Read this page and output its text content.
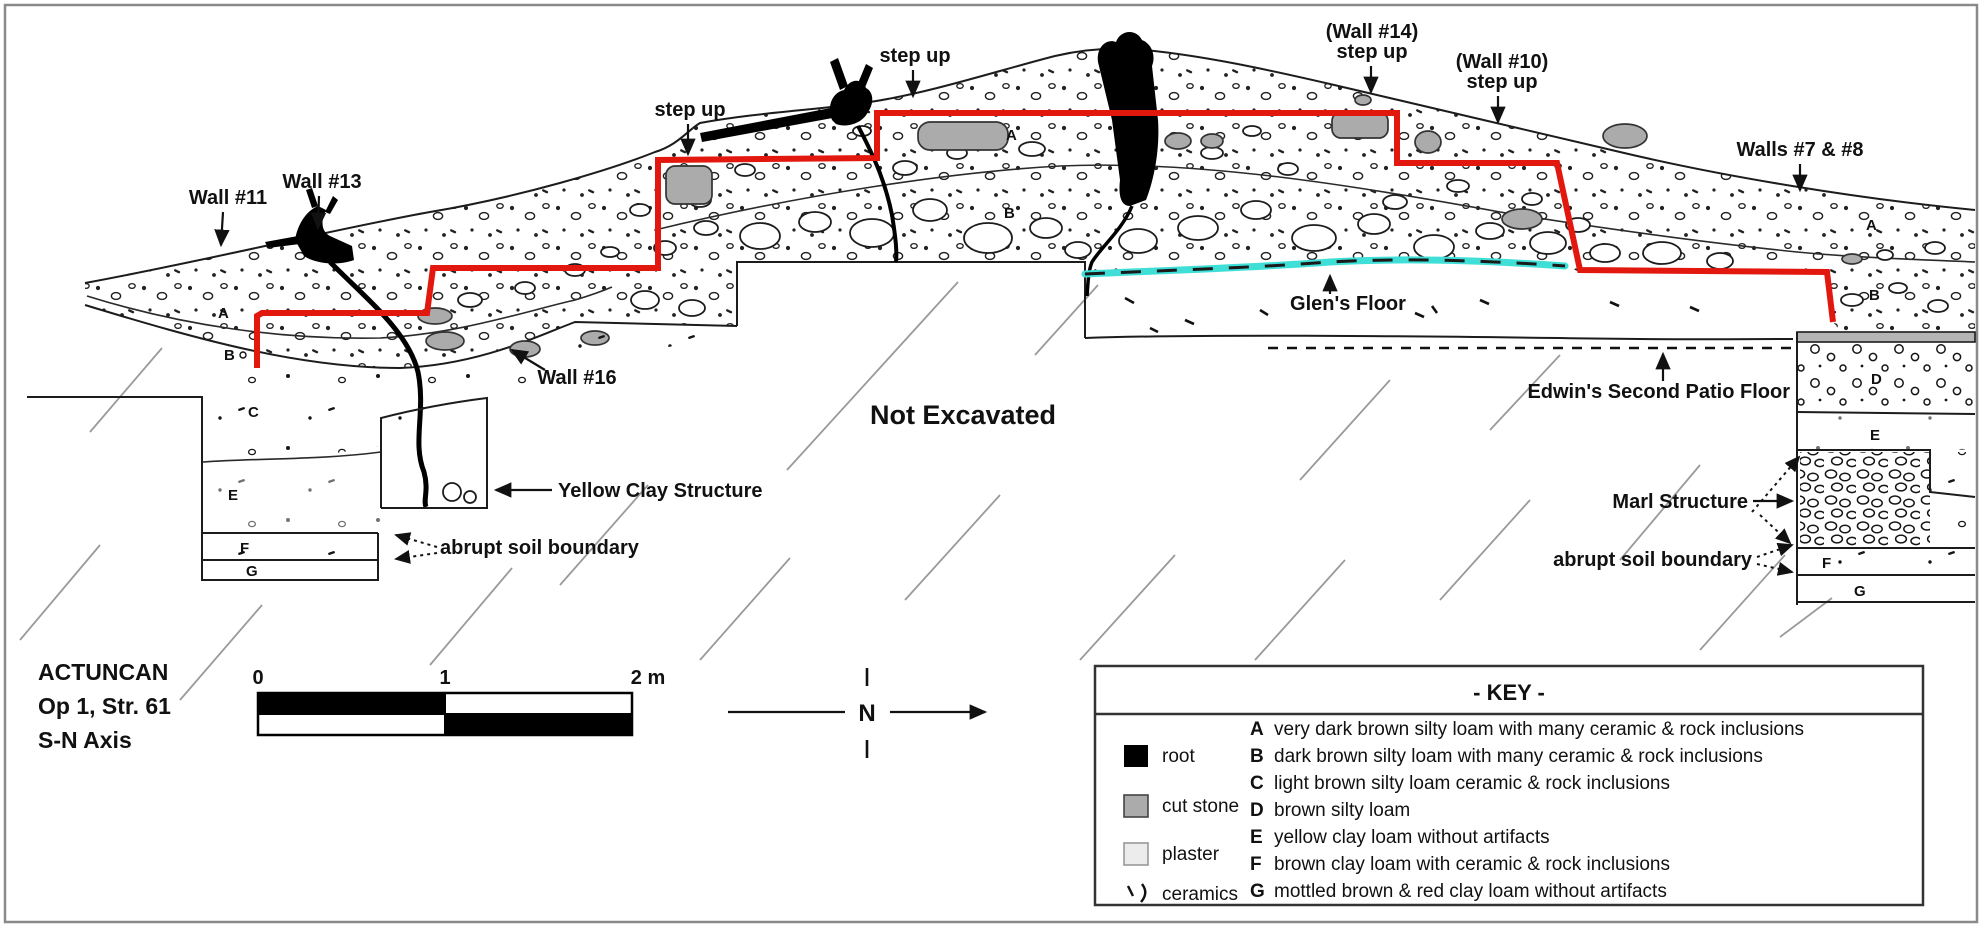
A
B
C
E
F
G
A
B
A
B
D
E
F
G
Wall #11
Wall #13
step up
step up
(Wall #14)
step up (Wall #10)
step up
Walls #7 & #8
Wall #16
Glen's Floor
Edwin's Second Patio Floor
Not Excavated
Yellow Clay Structure
abrupt soil boundary
Marl Structure
abrupt soil boundary
ACTUNCAN
Op 1, Str. 61
S-N Axis
0	1	2 m
N
- KEY -
root
cut stone
plaster
ceramics
A very dark brown silty loam with many ceramic & rock inclusions
B dark brown silty loam with many ceramic & rock inclusions
C light brown silty loam ceramic & rock inclusions
D brown silty loam
E yellow clay loam without artifacts
F brown clay loam with ceramic & rock inclusions
G mottled brown & red clay loam without artifacts
